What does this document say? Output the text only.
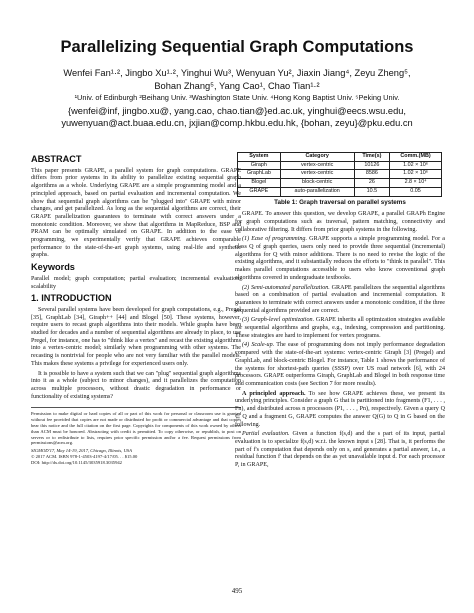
Parallelizing Sequential Graph Computations
Wenfei Fan¹·², Jingbo Xu¹·², Yinghui Wu³, Wenyuan Yu², Jiaxin Jiang⁴, Zeyu Zheng⁵,
Bohan Zhang⁵, Yang Cao¹, Chao Tian¹·²
¹Univ. of Edinburgh ²Beihang Univ. ³Washington State Univ. ⁴Hong Kong Baptist Univ. ⁵Peking Univ.
{wenfei@inf, jingbo.xu@, yang.cao, chao.tian@}ed.ac.uk, yinghui@eecs.wsu.edu,
yuwenyuan@act.buaa.edu.cn, jxjian@comp.hkbu.edu.hk, {bohan, zeyu}@pku.edu.cn
ABSTRACT

This paper presents GRAPE, a parallel system for graph computations. GRAPE differs from prior systems in its ability to parallelize existing sequential graph algorithms as a whole. Underlying GRAPE are a simple programming model and a principled approach, based on partial evaluation and incremental computation. We show that sequential graph algorithms can be "plugged into" GRAPE with minor changes, and get parallelized. As long as the sequential algorithms are correct, their GRAPE parallelization guarantees to terminate with correct answers under a monotonic condition. Moreover, we show that algorithms in MapReduce, BSP and PRAM can be optimally simulated on GRAPE. In addition to the ease of programming, we experimentally verify that GRAPE achieves comparable performance to the state-of-the-art graph systems, using real-life and synthetic graphs.

Keywords

Parallel model; graph computation; partial evaluation; incremental evaluation; scalability

1. INTRODUCTION

Several parallel systems have been developed for graph computations, e.g., Pregel [35], GraphLab [34], Giraph++ [44] and Blogel [50]. These systems, however, require users to recast graph algorithms into their models. While graphs have been studied for decades and a number of sequential algorithms are already in place, to use Pregel, for instance, one has to "think like a vertex" and recast the existing algorithms into a vertex-centric model; similarly when programming with other systems. The recasting is nontrivial for people who are not very familiar with the parallel models. This makes these systems a privilege for experienced users only.

It is possible to have a system such that we can "plug" sequential graph algorithms into it as a whole (subject to minor changes), and it parallelizes the computation across multiple processors, without drastic degradation in performance or functionality of existing systems?

Permission to make digital or hard copies of all or part of this work for personal or classroom use is granted without fee provided that copies are not made or distributed for profit or commercial advantage and that copies bear this notice and the full citation on the first page. Copyrights for components of this work owned by others than ACM must be honored. Abstracting with credit is permitted. To copy otherwise, or republish, to post on servers or to redistribute to lists, requires prior specific permission and/or a fee. Request permissions from permissions@acm.org.
SIGMOD'17, May 14-19, 2017, Chicago, Illinois, USA
© 2017 ACM. ISBN 978-1-4503-4197-4/17/05. . . $15.00
DOI: http://dx.doi.org/10.1145/3035918.3035942
System	Category	Time(s)	Comm.(MB)
Giraph	vertex-centric	10126	1.02 × 10⁶
GraphLab	vertex-centric	8586	1.02 × 10⁶
Blogel	block-centric	26	2.8 × 10⁴
GRAPE	auto-parallelization	10.5	0.05
Table 1: Graph traversal on parallel systems

GRAPE. To answer this question, we develop GRAPE, a parallel GRAPh Engine for graph computations such as traversal, pattern matching, connectivity and collaborative filtering. It differs from prior graph systems in the following.

(1) Ease of programming. GRAPE supports a simple programming model. For a class Q of graph queries, users only need to provide three sequential (incremental) algorithms for Q with minor additions. There is no need to revise the logic of the existing algorithms, and it substantially reduces the efforts to "think in parallel". This makes parallel computations accessible to users who know conventional graph algorithms covered in undergraduate textbooks.

(2) Semi-automated parallelization. GRAPE parallelizes the sequential algorithms based on a combination of partial evaluation and incremental computation. It guarantees to terminate with correct answers under a monotonic condition, if the three sequential algorithms provided are correct.

(3) Graph-level optimization. GRAPE inherits all optimization strategies available for sequential algorithms and graphs, e.g., indexing, compression and partitioning. These strategies are hard to implement for vertex programs.

(4) Scale-up. The ease of programming does not imply performance degradation compared with the state-of-the-art systems: vertex-centric Giraph [3] (Pregel) and GraphLab, and block-centric Blogel. For instance, Table 1 shows the performance of the systems for shortest-path queries (SSSP) over US road network [6], with 24 processors. GRAPE outperforms Giraph, GraphLab and Blogel in both response time and communication costs (see Section 7 for more results).

A principled approach. To see how GRAPE achieves these, we present its underlying principles. Consider a graph G that is partitioned into fragments (F1, . . . , Fn), and distributed across n processors (P1, . . . , Pn), respectively. Given a query Q ∈ Q and a fragment G, GRAPE computes the answer Q(G) to Q in G based on the following.

Partial evaluation. Given a function f(s,d) and the s part of its input, partial evaluation is to specialize f(s,d) w.r.t. the known input s [28]. That is, it performs the part of f's computation that depends only on s, and generates a partial answer, i.e., a residual function f′ that depends on the as yet unavailable input d. For each processor P, in GRAPE,

495
